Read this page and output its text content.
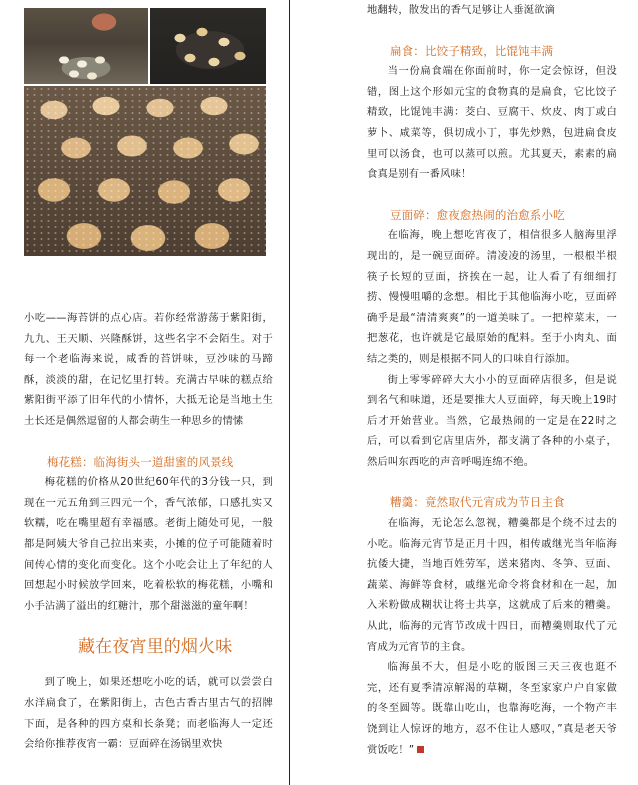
小吃——海苔饼的点心店。若你经常游荡于紫阳街，九九、王天顺、兴隆酥饼，这些名字不会陌生。对于每一个老临海来说，咸香的苔饼味，豆沙味的马蹄酥，淡淡的甜，在记忆里打转。充满古早味的糕点给紫阳街平添了旧年代的小情怀，大抵无论是当地土生土长还是偶然逗留的人都会萌生一种思乡的情愫

梅花糕：临海街头一道甜蜜的风景线

梅花糕的价格从20世纪60年代的3分钱一只，到现在一元五角到三四元一个，香气浓郁，口感扎实又软糯，吃在嘴里超有幸福感。老街上随处可见，一般都是阿姨大爷自己拉出来卖，小摊的位子可能随着时间传心情的变化而变化。这个小吃会让上了年纪的人回想起小时候放学回来，吃着松软的梅花糕，小嘴和小手沾满了溢出的红糖汁，那个甜滋滋的童年啊！

藏在夜宵里的烟火味

到了晚上，如果还想吃小吃的话，就可以尝尝白水洋扁食了，在紫阳街上，古色古香古里古气的招牌下面，是各种的四方桌和长条凳；而老临海人一定还会给你推荐夜宵一霸：豆面碎在汤锅里欢快

地翻转，散发出的香气足够让人垂涎欲滴

扁食：比饺子精致，比馄饨丰满

当一份扁食端在你面前时，你一定会惊讶，但没错，图上这个形如元宝的食物真的是扁食，它比饺子精致，比馄饨丰满：茭白、豆腐干、炊皮、肉丁或白萝卜、咸菜等，俱切成小丁，事先炒熟，包进扁食皮里可以汤食，也可以蒸可以煎。尤其夏天，素素的扁食真是别有一番风味！

豆面碎：愈夜愈热闹的治愈系小吃

在临海，晚上想吃宵夜了，相信很多人脑海里浮现出的，是一碗豆面碎。清凌凌的汤里，一根根半根筷子长短的豆面，挤挨在一起，让人看了有细细打捞、慢慢咀嚼的念想。相比于其他临海小吃，豆面碎确乎是最“清清爽爽”的一道美味了。一把榨菜末，一把葱花，也许就是它最原始的配料。至于小肉丸、面结之类的，则是根据不同人的口味自行添加。

街上零零碎碎大大小小的豆面碎店很多，但是说到名气和味道，还是要推大人豆面碎，每天晚上19时后才开始营业。当然，它最热闹的一定是在22时之后，可以看到它店里店外，都支满了各种的小桌子，然后叫东西吃的声音呼喝连绵不绝。

糟羹：竟然取代元宵成为节日主食

在临海，无论怎么忽视，糟羹都是个绕不过去的小吃。临海元宵节是正月十四，相传戚继光当年临海抗倭大捷，当地百姓劳军，送来猪肉、冬笋、豆面、蔬菜、海鲜等食材，戚继光命令将食材和在一起，加入米粉做成糊状让将士共享，这就成了后来的糟羹。从此，临海的元宵节改成十四日，而糟羹则取代了元宵成为元宵节的主食。

临海虽不大，但是小吃的版图三天三夜也逛不完，还有夏季清凉解渴的草糊，冬至家家户户自家做的冬至圆等。既靠山吃山，也靠海吃海，一个物产丰饶到让人惊讶的地方，忍不住让人感叹，”真是老天爷赏饭吃！”
